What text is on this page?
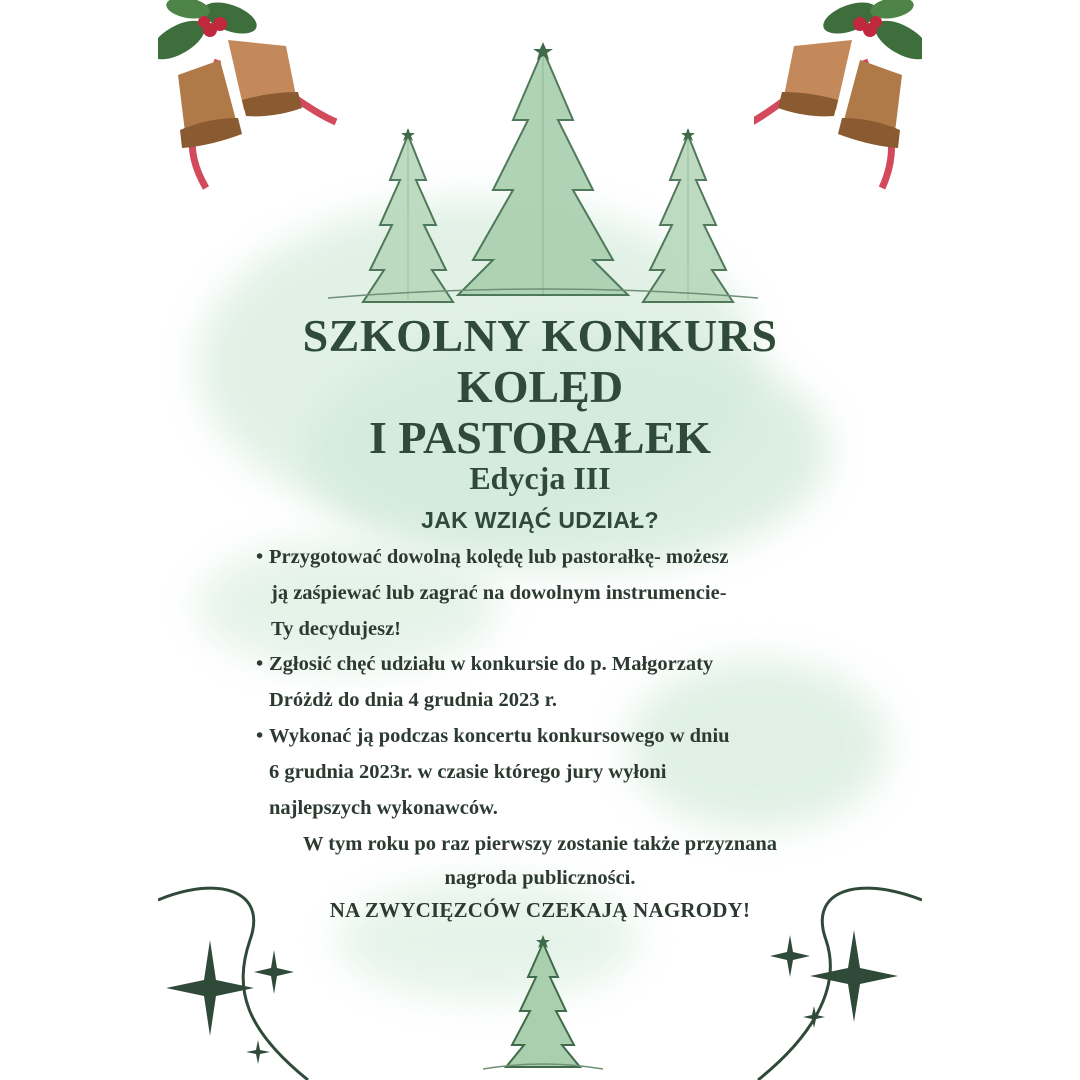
SZKOLNY KONKURS
KOLĘD
I PASTORAŁEK
Edycja III
JAK WZIĄĆ UDZIAŁ?
• Przygotować dowolną kolędę lub pastorałkę- możesz
ją zaśpiewać lub zagrać na dowolnym instrumencie-
Ty decydujesz!
• Zgłosić chęć udziału w konkursie do p. Małgorzaty
Dróżdż do dnia 4 grudnia 2023 r.
• Wykonać ją podczas koncertu konkursowego w dniu
6 grudnia 2023r. w czasie którego jury wyłoni
najlepszych wykonawców.
W tym roku po raz pierwszy zostanie także przyznana
nagroda publiczności.
NA ZWYCIĘZCÓW CZEKAJĄ NAGRODY!
